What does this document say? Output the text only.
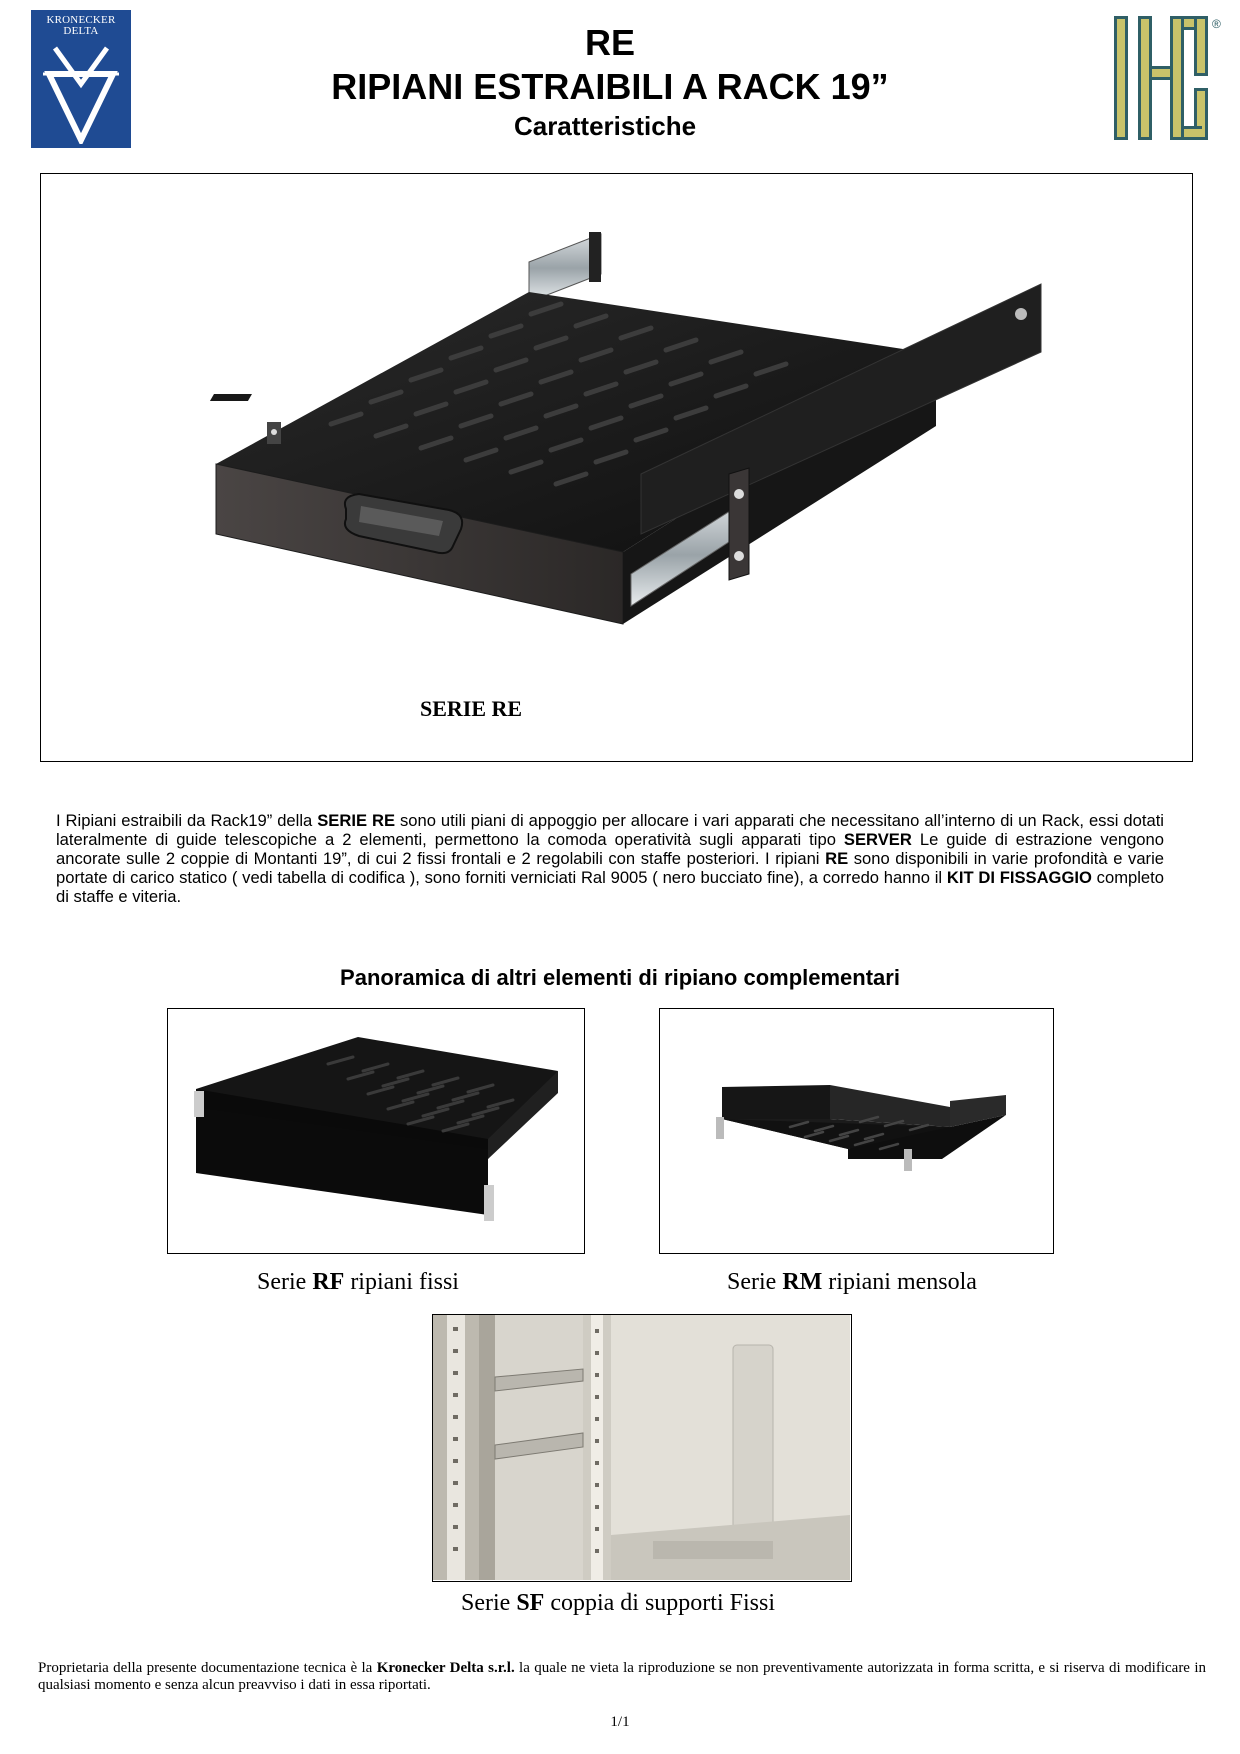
KRONECKER
DELTA	RE
RIPIANI ESTRAIBILI A RACK 19”
Caratteristiche
®
SERIE RE
I Ripiani estraibili da Rack19” della SERIE RE sono utili piani di appoggio per allocare i vari apparati che necessitano all’interno di un Rack, essi dotati lateralmente di guide telescopiche a 2 elementi, permettono la comoda operatività sugli apparati tipo SERVER Le guide di estrazione vengono ancorate sulle 2 coppie di Montanti 19”, di cui 2 fissi frontali e 2 regolabili con staffe posteriori. I ripiani RE sono disponibili in varie profondità e varie portate di carico statico ( vedi tabella di codifica ), sono forniti verniciati Ral 9005 ( nero bucciato fine), a corredo hanno il KIT DI FISSAGGIO completo di staffe e viteria.
Panoramica di altri elementi di ripiano complementari
Serie RF ripiani fissi	Serie RM ripiani mensola
Serie SF coppia di supporti Fissi
Proprietaria della presente documentazione tecnica è la Kronecker Delta s.r.l. la quale ne vieta la riproduzione se non preventivamente autorizzata in forma scritta, e si riserva di modificare in qualsiasi momento e senza alcun preavviso i dati in essa riportati.
1/1
